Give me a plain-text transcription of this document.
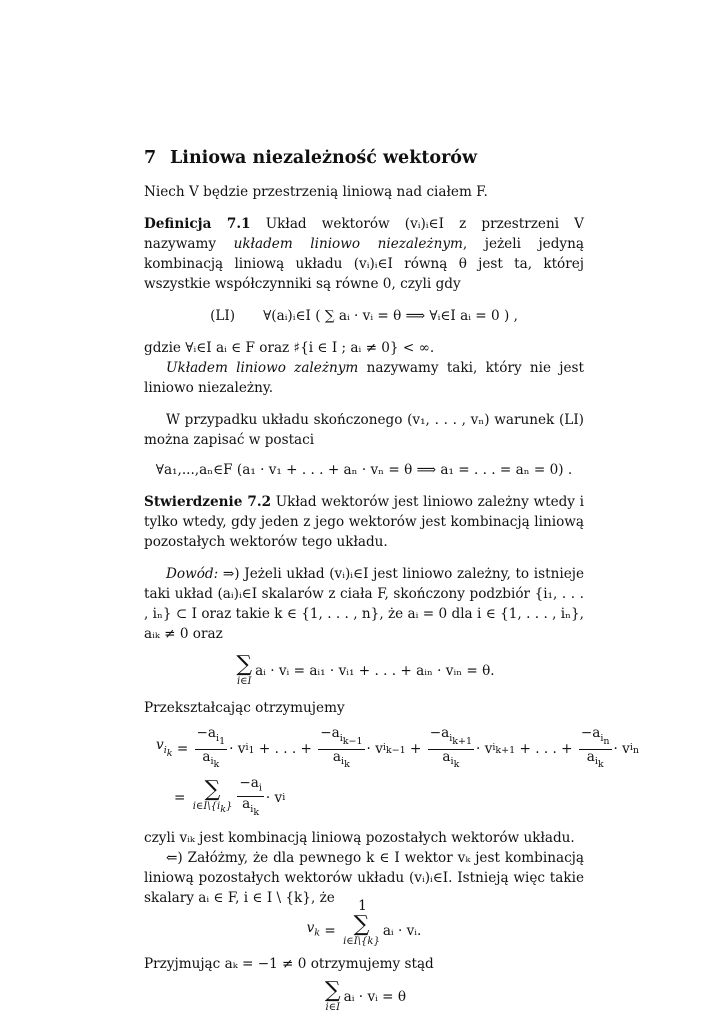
7 Liniowa niezależność wektorów

Niech V będzie przestrzenią liniową nad ciałem F.

Definicja 7.1 Układ wektorów (vᵢ)ᵢ∈I z przestrzeni V nazywamy układem liniowo niezależnym, jeżeli jedyną kombinacją liniową układu (vᵢ)ᵢ∈I równą θ jest ta, której wszystkie współczynniki są równe 0, czyli gdy

(LI) ∀(aᵢ)ᵢ∈I ( ∑ aᵢ · vᵢ = θ ⟹ ∀ᵢ∈I aᵢ = 0 ) ,

gdzie ∀ᵢ∈I aᵢ ∈ F oraz ♯{i ∈ I ; aᵢ ≠ 0} < ∞.

Układem liniowo zależnym nazywamy taki, który nie jest liniowo niezależny.

W przypadku układu skończonego (v₁, . . . , vₙ) warunek (LI) można zapisać w postaci

∀a₁,...,aₙ∈F (a₁ · v₁ + . . . + aₙ · vₙ = θ ⟹ a₁ = . . . = aₙ = 0) .

Stwierdzenie 7.2 Układ wektorów jest liniowo zależny wtedy i tylko wtedy, gdy jeden z jego wektorów jest kombinacją liniową pozostałych wektorów tego układu.

Dowód: ⇒) Jeżeli układ (vᵢ)ᵢ∈I jest liniowo zależny, to istnieje taki układ (aᵢ)ᵢ∈I skalarów z ciała F, skończony podzbiór {i₁, . . . , iₙ} ⊂ I oraz takie k ∈ {1, . . . , n}, że aᵢ = 0 dla i ∈ {1, . . . , iₙ}, aᵢₖ ≠ 0 oraz

∑
i∈I
aᵢ · vᵢ = aᵢ₁ · vᵢ₁ + . . . + aᵢₙ · vᵢₙ = θ.

Przekształcając otrzymujemy

$v_{i_k} = \frac{-a_{i_1}}{a_{i_k}} \cdot v$ $i_1$ + . . . + $\frac{-a_{i_{k-1}}}{a_{i_k}} \cdot v$ $i_{k-1} + \frac{-a_{i_{k+1}}}{a_{i_k}} \cdot v$ $i_{k+1}$ + . . . + $\frac{-a_{i_n}}{a_{i_k}} \cdot v$ $i_n$
= ∑
$i\in I\backslash\{i_k\} \frac{-a_i}{a_{i_k}} \cdot v$ i

czyli vᵢₖ jest kombinacją liniową pozostałych wektorów układu.

⇐) Załóżmy, że dla pewnego k ∈ I wektor vₖ jest kombinacją liniową pozostałych wektorów układu (vᵢ)ᵢ∈I. Istnieją więc takie skalary aᵢ ∈ F, i ∈ I \ {k}, że

$v_k$ = ∑
i∈I\{k}
aᵢ · vᵢ.

Przyjmując aₖ = −1 ≠ 0 otrzymujemy stąd

∑
i∈I
aᵢ · vᵢ = θ
1
